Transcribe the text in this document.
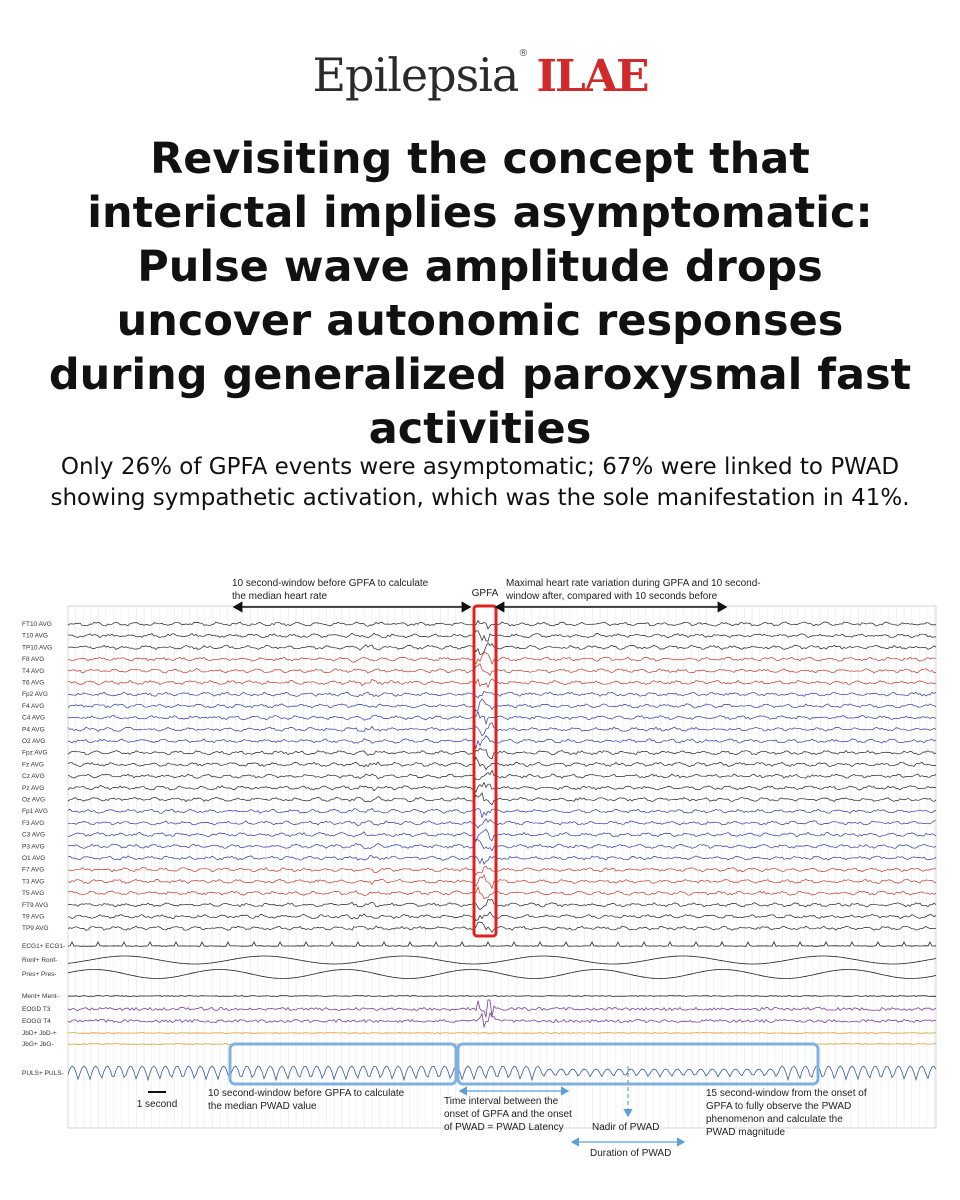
Epilepsia® ILAE
Revisiting the concept that interictal implies asymptomatic: Pulse wave amplitude drops uncover autonomic responses during generalized paroxysmal fast activities

Only 26% of GPFA events were asymptomatic; 67% were linked to PWAD showing sympathetic activation, which was the sole manifestation in 41%.

FT10 AVG
T10 AVG
TP10 AVG
F8 AVG
T4 AVG
T6 AVG
Fp2 AVG
F4 AVG
C4 AVG
P4 AVG
O2 AVG
Fpz AVG
Fz AVG
Cz AVG
Pz AVG
Oz AVG
Fp1 AVG
F3 AVG
C3 AVG
P3 AVG
O1 AVG
F7 AVG
T3 AVG
T5 AVG
FT9 AVG
T9 AVG
TP9 AVG
ECG1+ ECG1-
Ronf+ Ronf-
Pres+ Pres-
Ment+ Ment-
EOGD T3
EOGG T4
JbD+ JbD-+
JbG+ JbG-
PULS+ PULS-
GPFA
10 second-window before GPFA to calculate
the median heart rate
Maximal heart rate variation during GPFA and 10 second-
window after, compared with 10 seconds before
1 second
10 second-window before GPFA to calculate
the median PWAD value	Time interval between the
onset of GPFA and the onset
of PWAD = PWAD Latency	Nadir of PWAD
Duration of PWAD
15 second-window from the onset of
GPFA to fully observe the PWAD
phenomenon and calculate the
PWAD magnitude
